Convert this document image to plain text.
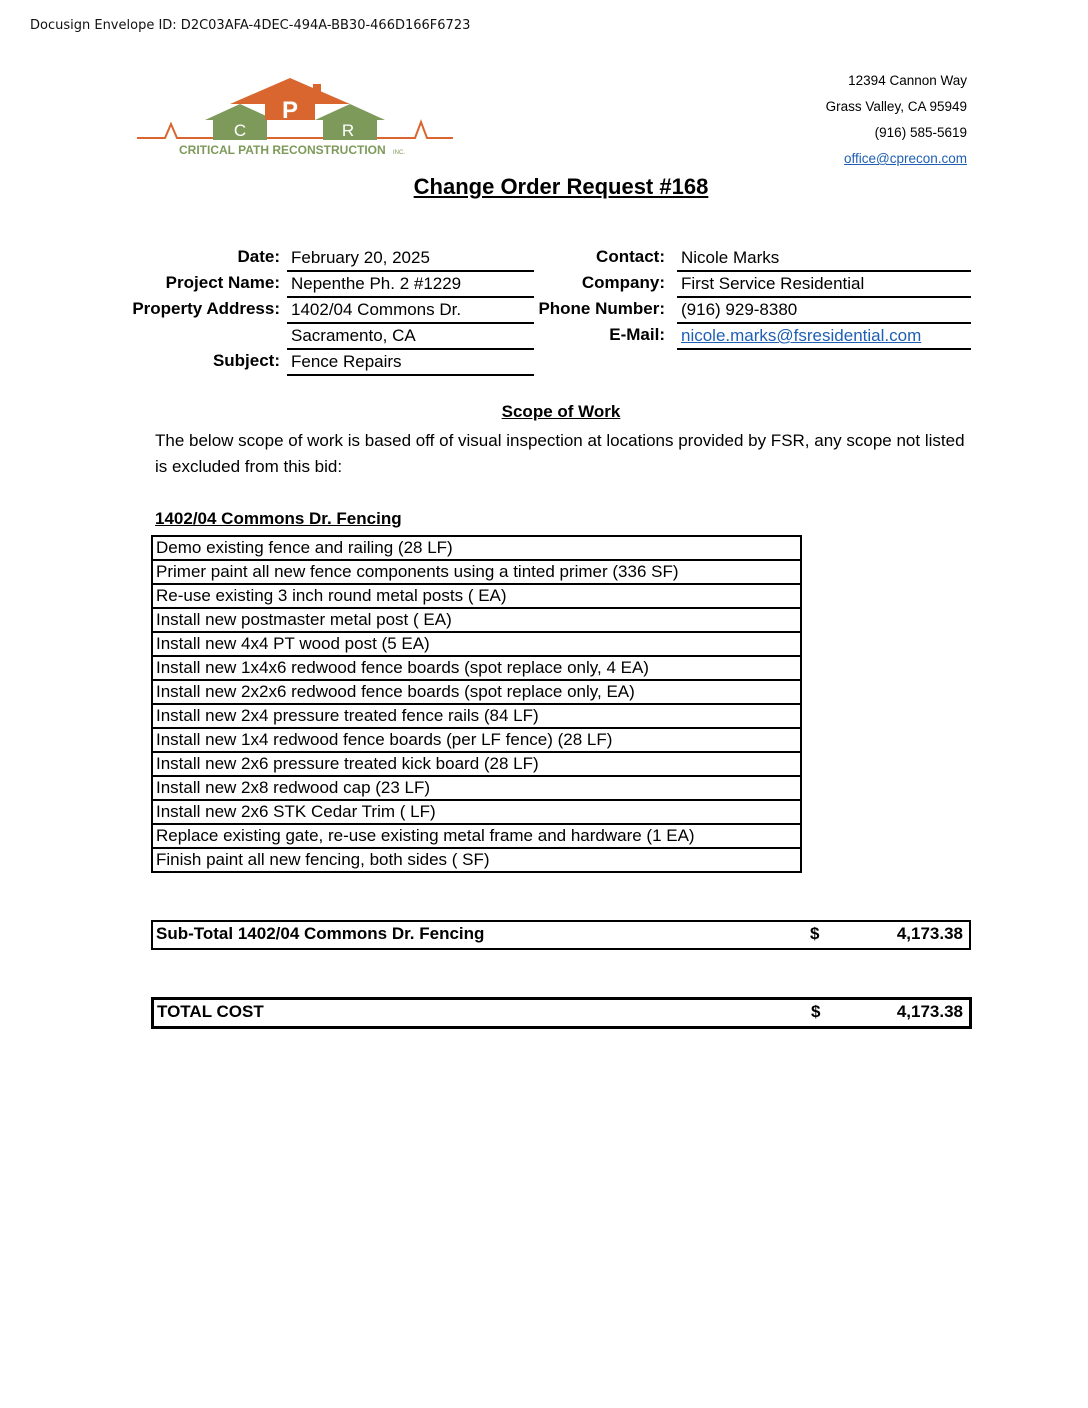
Docusign Envelope ID: D2C03AFA-4DEC-494A-BB30-466D166F6723
P
C	R
CRITICAL PATH RECONSTRUCTION INC.
12394 Cannon Way
Grass Valley, CA 95949
(916) 585-5619
office@cprecon.com
Change Order Request #168
Date: February 20, 2025
Project Name: Nepenthe Ph. 2 #1229
Property Address: 1402/04 Commons Dr.
Sacramento, CA
Subject: Fence Repairs
Contact: Nicole Marks
Company: First Service Residential
Phone Number: (916) 929-8380
E-Mail: nicole.marks@fsresidential.com
Scope of Work
The below scope of work is based off of visual inspection at locations provided by FSR, any scope not listed is excluded from this bid:
1402/04 Commons Dr. Fencing
Demo existing fence and railing (28 LF)
Primer paint all new fence components using a tinted primer (336 SF)
Re-use existing 3 inch round metal posts ( EA)
Install new postmaster metal post ( EA)
Install new 4x4 PT wood post (5 EA)
Install new 1x4x6 redwood fence boards (spot replace only, 4 EA)
Install new 2x2x6 redwood fence boards (spot replace only, EA)
Install new 2x4 pressure treated fence rails (84 LF)
Install new 1x4 redwood fence boards (per LF fence) (28 LF)
Install new 2x6 pressure treated kick board (28 LF)
Install new 2x8 redwood cap (23 LF)
Install new 2x6 STK Cedar Trim ( LF)
Replace existing gate, re-use existing metal frame and hardware (1 EA)
Finish paint all new fencing, both sides ( SF)
Sub-Total 1402/04 Commons Dr. Fencing	$	4,173.38
TOTAL COST	$	4,173.38
